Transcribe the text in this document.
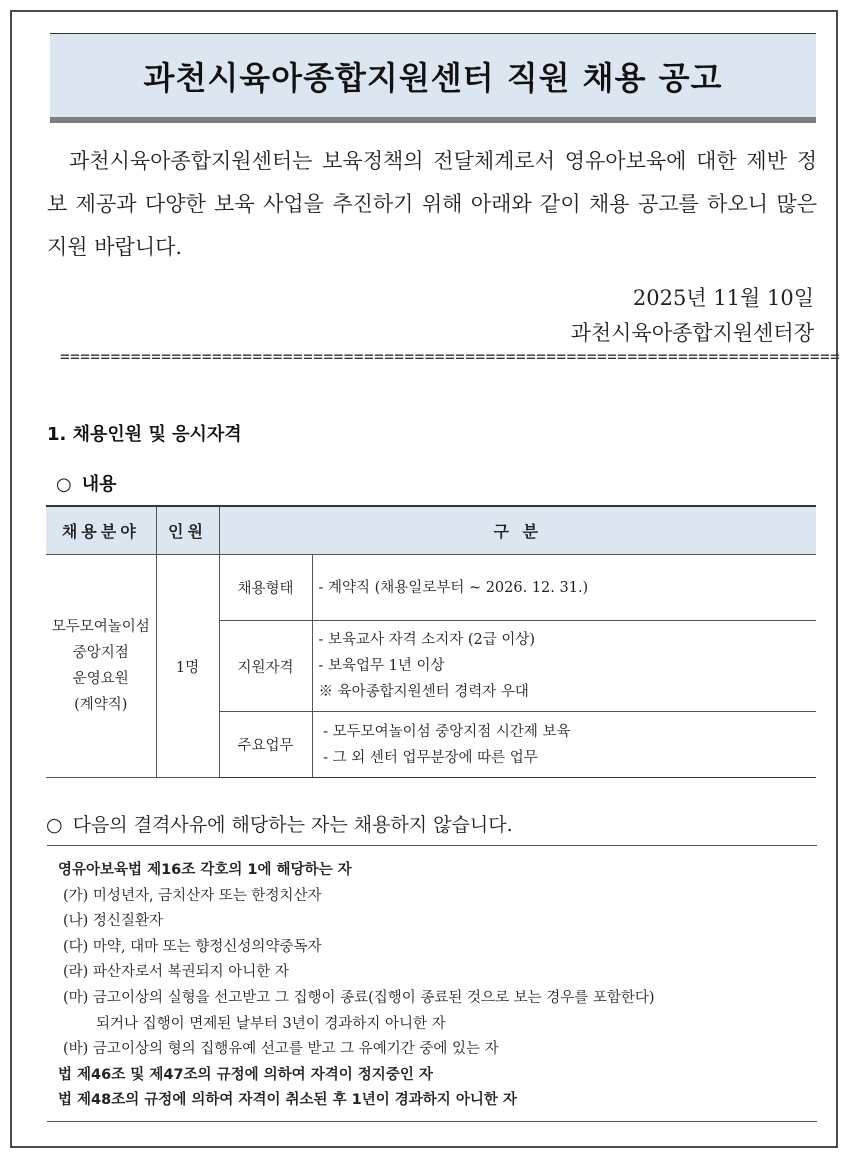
과천시육아종합지원센터 직원 채용 공고

과천시육아종합지원센터는 보육정책의 전달체계로서 영유아보육에 대한 제반 정보 제공과 다양한 보육 사업을 추진하기 위해 아래와 같이 채용 공고를 하오니 많은 지원 바랍니다.

2025년 11월 10일
과천시육아종합지원센터장
=============================================================================
1. 채용인원 및 응시자격
○ 내용
채용분야	인원	구 분	

모두모여놀이섬
중앙지점
운영요원
(계약직)	1명	채용형태	- 계약직 (채용일로부터 ~ 2026. 12. 31.)

		지원자격	- 보육교사 자격 소지자 (2급 이상)
- 보육업무 1년 이상
※ 육아종합지원센터 경력자 우대

		주요업무	- 모두모여놀이섬 중앙지점 시간제 보육
- 그 외 센터 업무분장에 따른 업무
○ 다음의 결격사유에 해당하는 자는 채용하지 않습니다.
영유아보육법 제16조 각호의 1에 해당하는 자
(가) 미성년자, 금치산자 또는 한정치산자
(나) 정신질환자
(다) 마약, 대마 또는 향정신성의약중독자
(라) 파산자로서 복권되지 아니한 자
(마) 금고이상의 실형을 선고받고 그 집행이 종료(집행이 종료된 것으로 보는 경우를 포함한다)
되거나 집행이 면제된 날부터 3년이 경과하지 아니한 자
(바) 금고이상의 형의 집행유예 선고를 받고 그 유예기간 중에 있는 자
법 제46조 및 제47조의 규정에 의하여 자격이 정지중인 자
법 제48조의 규정에 의하여 자격이 취소된 후 1년이 경과하지 아니한 자
